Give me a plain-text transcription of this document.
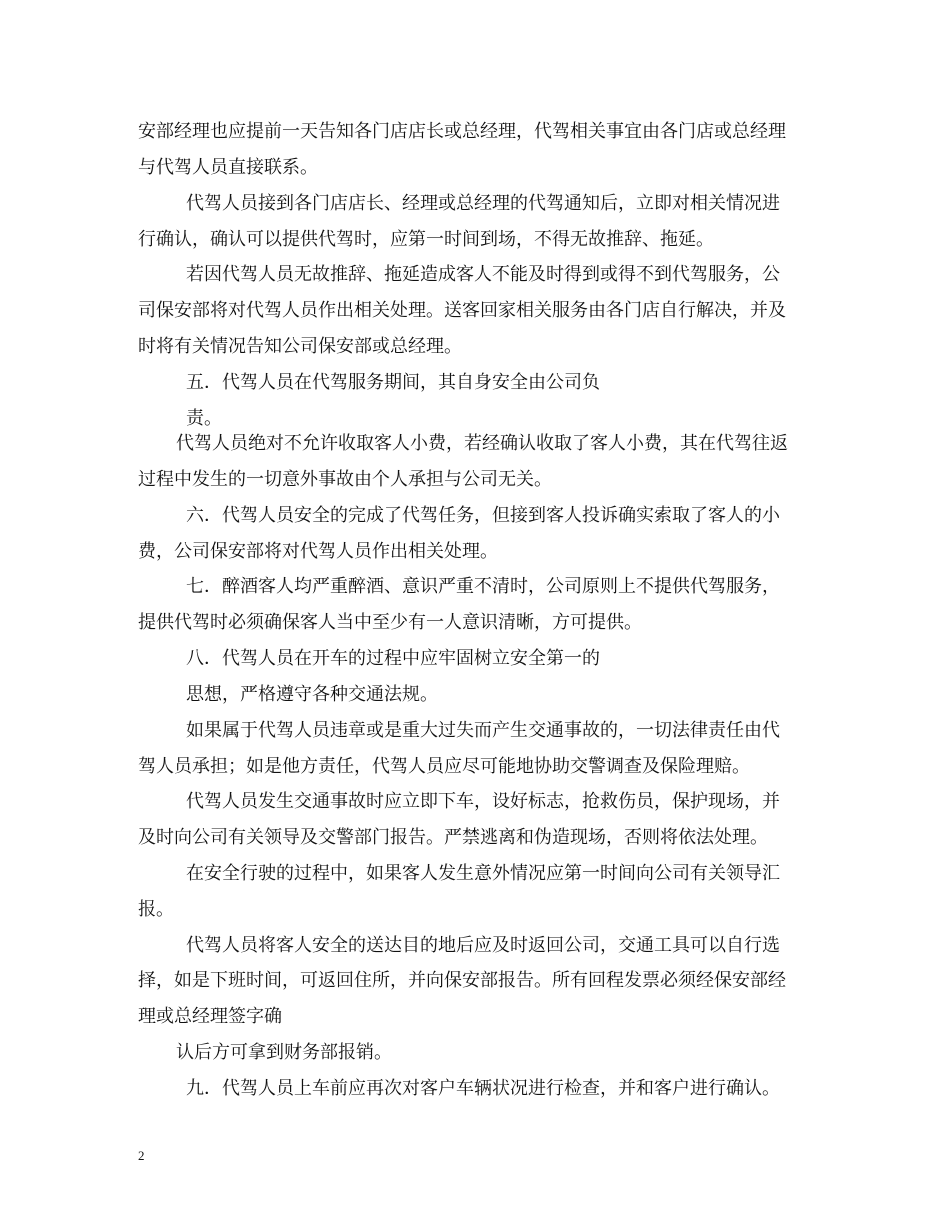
安部经理也应提前一天告知各门店店长或总经理，代驾相关事宜由各门店或总经理

与代驾人员直接联系。

代驾人员接到各门店店长、经理或总经理的代驾通知后，立即对相关情况进

行确认，确认可以提供代驾时，应第一时间到场，不得无故推辞、拖延。

若因代驾人员无故推辞、拖延造成客人不能及时得到或得不到代驾服务，公

司保安部将对代驾人员作出相关处理。送客回家相关服务由各门店自行解决，并及

时将有关情况告知公司保安部或总经理。

五．代驾人员在代驾服务期间，其自身安全由公司负

责。

代驾人员绝对不允许收取客人小费，若经确认收取了客人小费，其在代驾往返

过程中发生的一切意外事故由个人承担与公司无关。

六．代驾人员安全的完成了代驾任务，但接到客人投诉确实索取了客人的小

费，公司保安部将对代驾人员作出相关处理。

七．醉酒客人均严重醉酒、意识严重不清时，公司原则上不提供代驾服务，

提供代驾时必须确保客人当中至少有一人意识清晰，方可提供。

八．代驾人员在开车的过程中应牢固树立安全第一的

思想，严格遵守各种交通法规。

如果属于代驾人员违章或是重大过失而产生交通事故的，一切法律责任由代

驾人员承担；如是他方责任，代驾人员应尽可能地协助交警调查及保险理赔。

代驾人员发生交通事故时应立即下车，设好标志，抢救伤员，保护现场，并

及时向公司有关领导及交警部门报告。严禁逃离和伪造现场，否则将依法处理。

在安全行驶的过程中，如果客人发生意外情况应第一时间向公司有关领导汇

报。

代驾人员将客人安全的送达目的地后应及时返回公司，交通工具可以自行选

择，如是下班时间，可返回住所，并向保安部报告。所有回程发票必须经保安部经

理或总经理签字确

认后方可拿到财务部报销。

九．代驾人员上车前应再次对客户车辆状况进行检查，并和客户进行确认。

2
